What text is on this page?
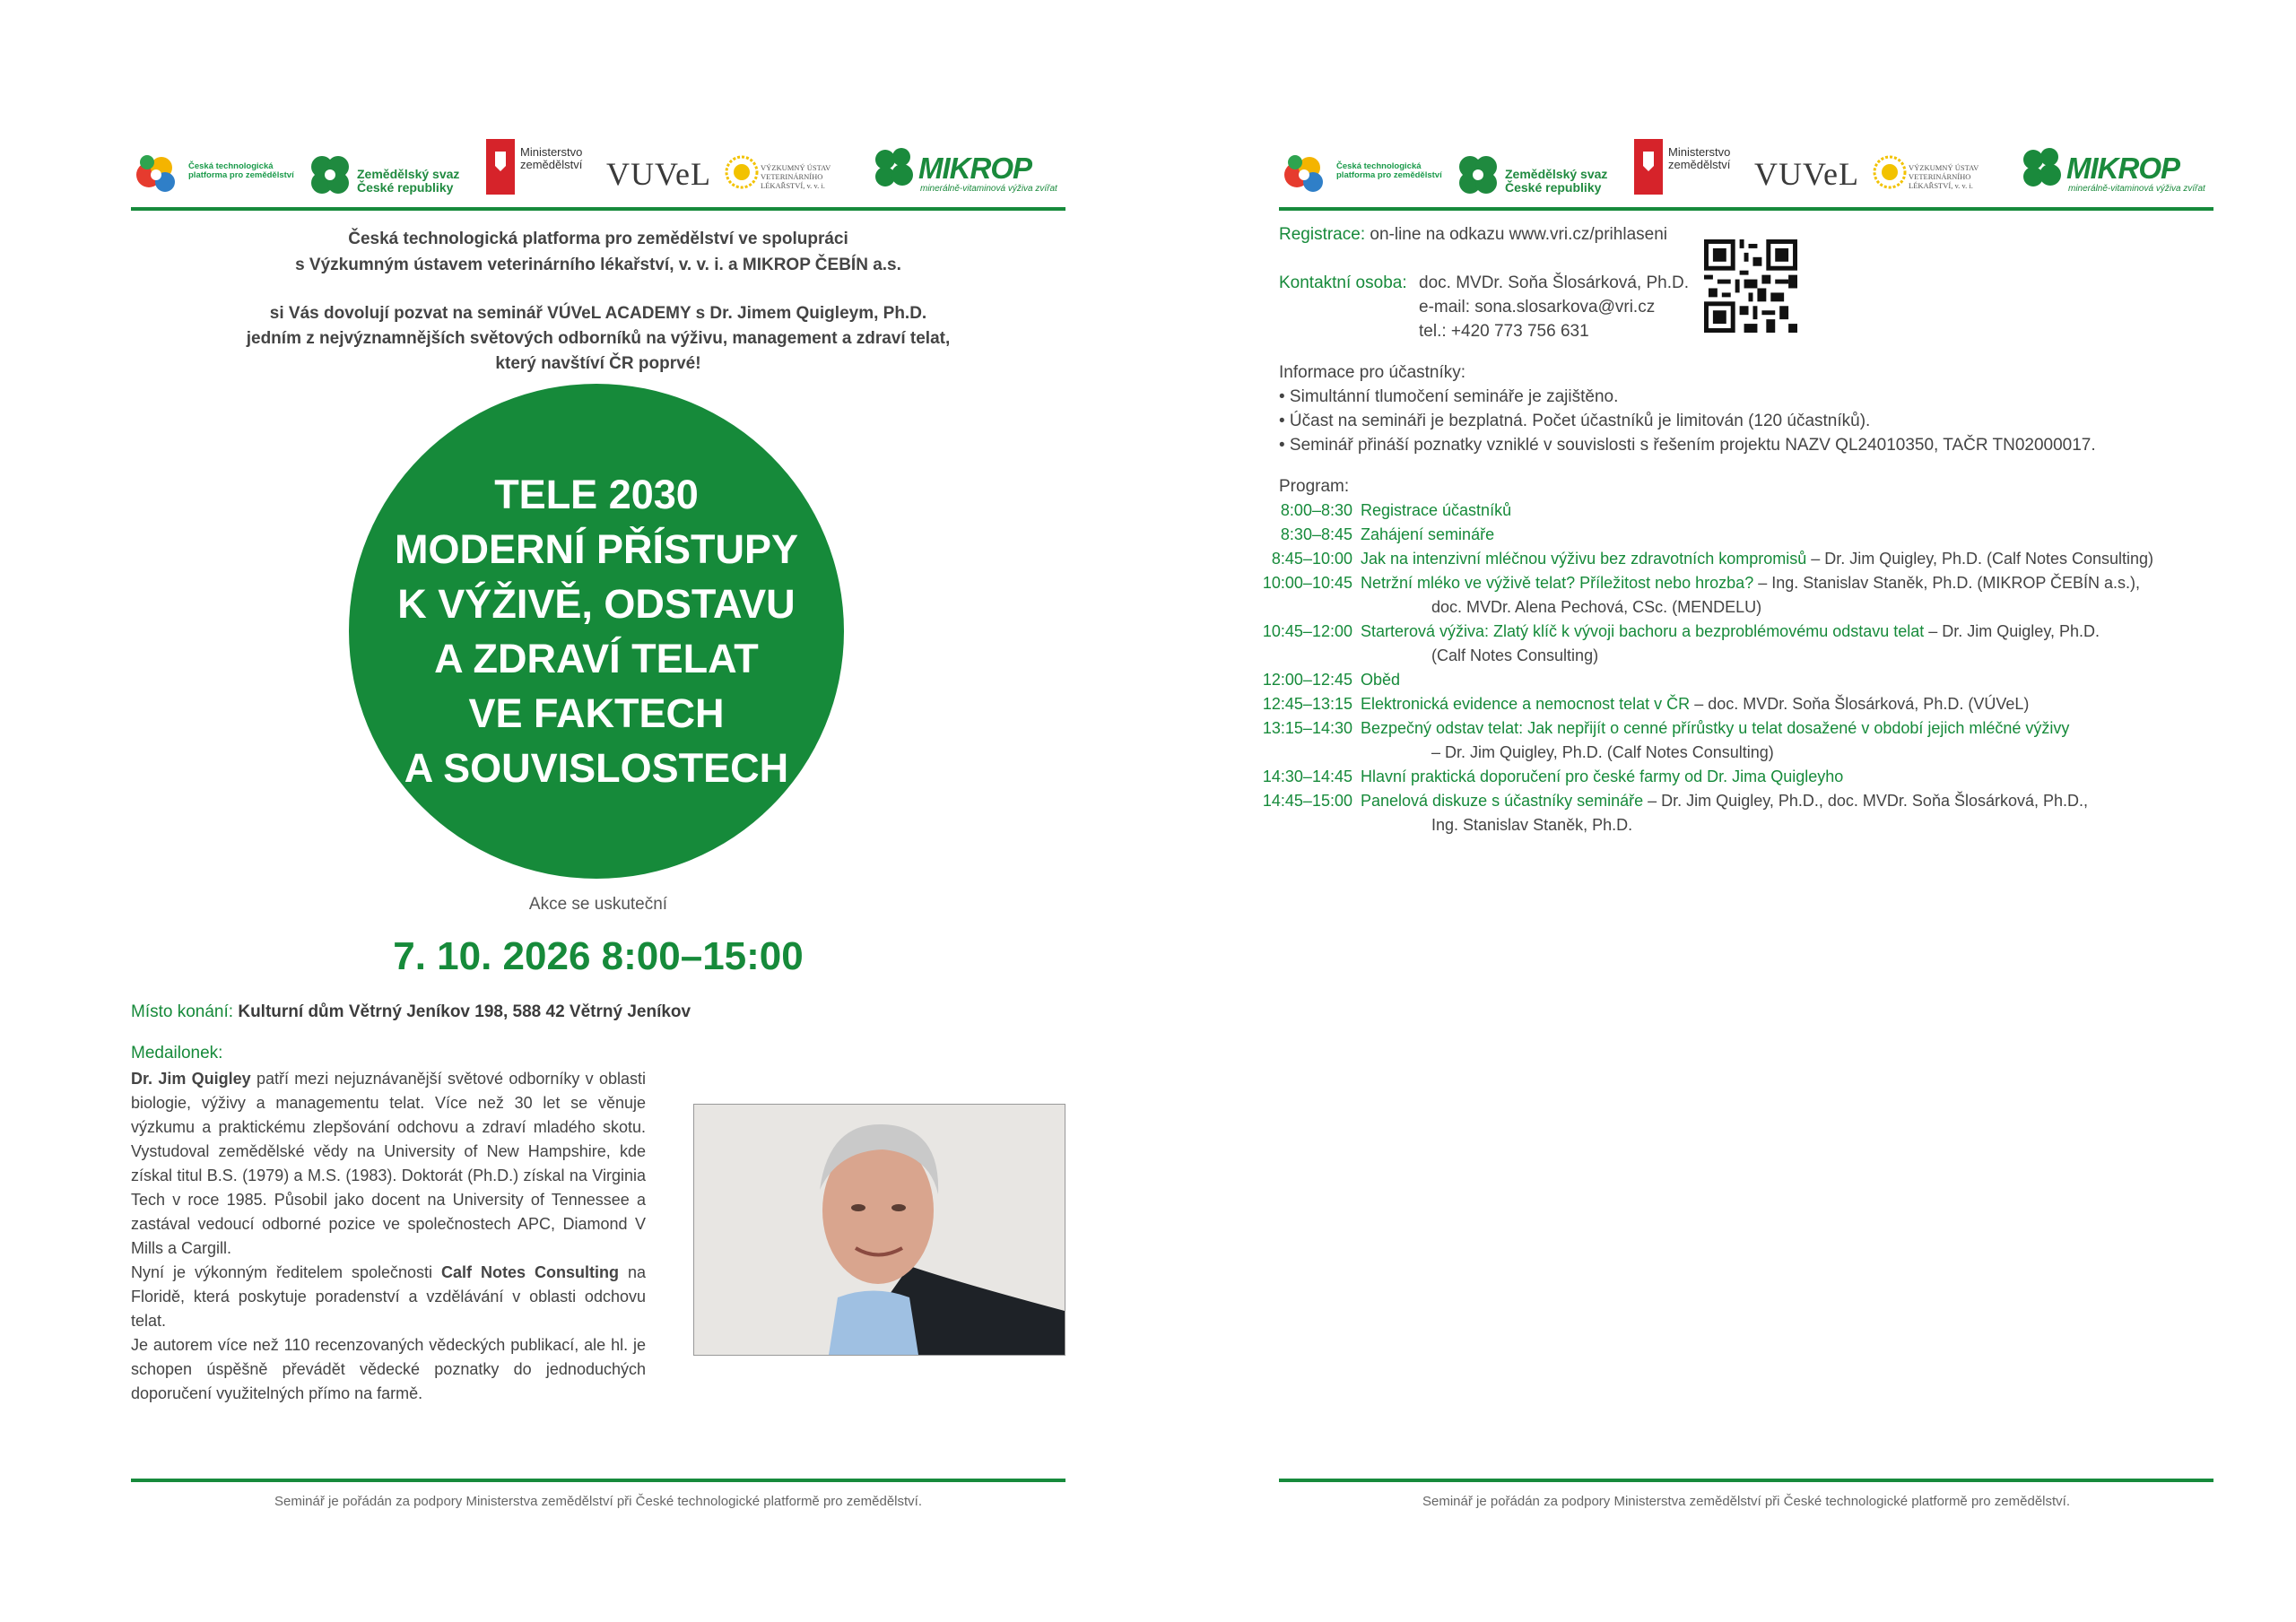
Česká technologická platforma pro zemědělství	Zemědělský svaz České republiky
Ministerstvo zemědělství VUVeL	VÝZKUMNÝ ÚSTAV VETERINÁRNÍHO LÉKAŘSTVÍ, v. v. i.
MIKROP
minerálně-vitaminová výživa zvířat
Česká technologická platforma pro zemědělství ve spolupráci
s Výzkumným ústavem veterinárního lékařství, v. v. i. a MIKROP ČEBÍN a.s.
si Vás dovolují pozvat na seminář VÚVeL ACADEMY s Dr. Jimem Quigleym, Ph.D.
jedním z nejvýznamnějších světových odborníků na výživu, management a zdraví telat,
který navštíví ČR poprvé!
TELE 2030
MODERNÍ PŘÍSTUPY
K VÝŽIVĚ, ODSTAVU
A ZDRAVÍ TELAT
VE FAKTECH
A SOUVISLOSTECH
Akce se uskuteční
7. 10. 2026 8:00–15:00
Místo konání: Kulturní dům Větrný Jeníkov 198, 588 42 Větrný Jeníkov
Medailonek:

Dr. Jim Quigley patří mezi nejuznávanější světové odborníky v oblasti biologie, výživy a managementu telat. Více než 30 let se věnuje výzkumu a praktickému zlepšování odchovu a zdraví mladého skotu. Vystudoval zemědělské vědy na University of New Hampshire, kde získal titul B.S. (1979) a M.S. (1983). Doktorát (Ph.D.) získal na Virginia Tech v roce 1985. Působil jako docent na University of Tennessee a zastával vedoucí odborné pozice ve společnostech APC, Diamond V Mills a Cargill.

Nyní je výkonným ředitelem společnosti Calf Notes Consulting na Floridě, která poskytuje poradenství a vzdělávání v oblasti odchovu telat.

Je autorem více než 110 recenzovaných vědeckých publikací, ale hl. je schopen úspěšně převádět vědecké poznatky do jednoduchých doporučení využitelných přímo na farmě.

Seminář je pořádán za podpory Ministerstva zemědělství při České technologické platformě pro zemědělství.
Česká technologická platforma pro zemědělství	Zemědělský svaz České republiky
Ministerstvo zemědělství VUVeL	VÝZKUMNÝ ÚSTAV VETERINÁRNÍHO LÉKAŘSTVÍ, v. v. i.
MIKROP
minerálně-vitaminová výživa zvířat
Registrace: on-line na odkazu www.vri.cz/prihlaseni
Kontaktní osoba: doc. MVDr. Soňa Šlosárková, Ph.D.
e-mail: sona.slosarkova@vri.cz
tel.: +420 773 756 631
Informace pro účastníky:
• Simultánní tlumočení semináře je zajištěno.
• Účast na semináři je bezplatná. Počet účastníků je limitován (120 účastníků).
• Seminář přináší poznatky vzniklé v souvislosti s řešením projektu NAZV QL24010350, TAČR TN02000017.
Program:
8:00–8:30 Registrace účastníků
8:30–8:45 Zahájení semináře
8:45–10:00 Jak na intenzivní mléčnou výživu bez zdravotních kompromisů – Dr. Jim Quigley, Ph.D. (Calf Notes Consulting)
10:00–10:45 Netržní mléko ve výživě telat? Příležitost nebo hrozba? – Ing. Stanislav Staněk, Ph.D. (MIKROP ČEBÍN a.s.),
doc. MVDr. Alena Pechová, CSc. (MENDELU)
10:45–12:00 Starterová výživa: Zlatý klíč k vývoji bachoru a bezproblémovému odstavu telat – Dr. Jim Quigley, Ph.D.
(Calf Notes Consulting)
12:00–12:45 Oběd
12:45–13:15 Elektronická evidence a nemocnost telat v ČR – doc. MVDr. Soňa Šlosárková, Ph.D. (VÚVeL)
13:15–14:30 Bezpečný odstav telat: Jak nepřijít o cenné přírůstky u telat dosažené v období jejich mléčné výživy
– Dr. Jim Quigley, Ph.D. (Calf Notes Consulting)
14:30–14:45 Hlavní praktická doporučení pro české farmy od Dr. Jima Quigleyho
14:45–15:00 Panelová diskuze s účastníky semináře – Dr. Jim Quigley, Ph.D., doc. MVDr. Soňa Šlosárková, Ph.D.,
Ing. Stanislav Staněk, Ph.D.
Seminář je pořádán za podpory Ministerstva zemědělství při České technologické platformě pro zemědělství.
